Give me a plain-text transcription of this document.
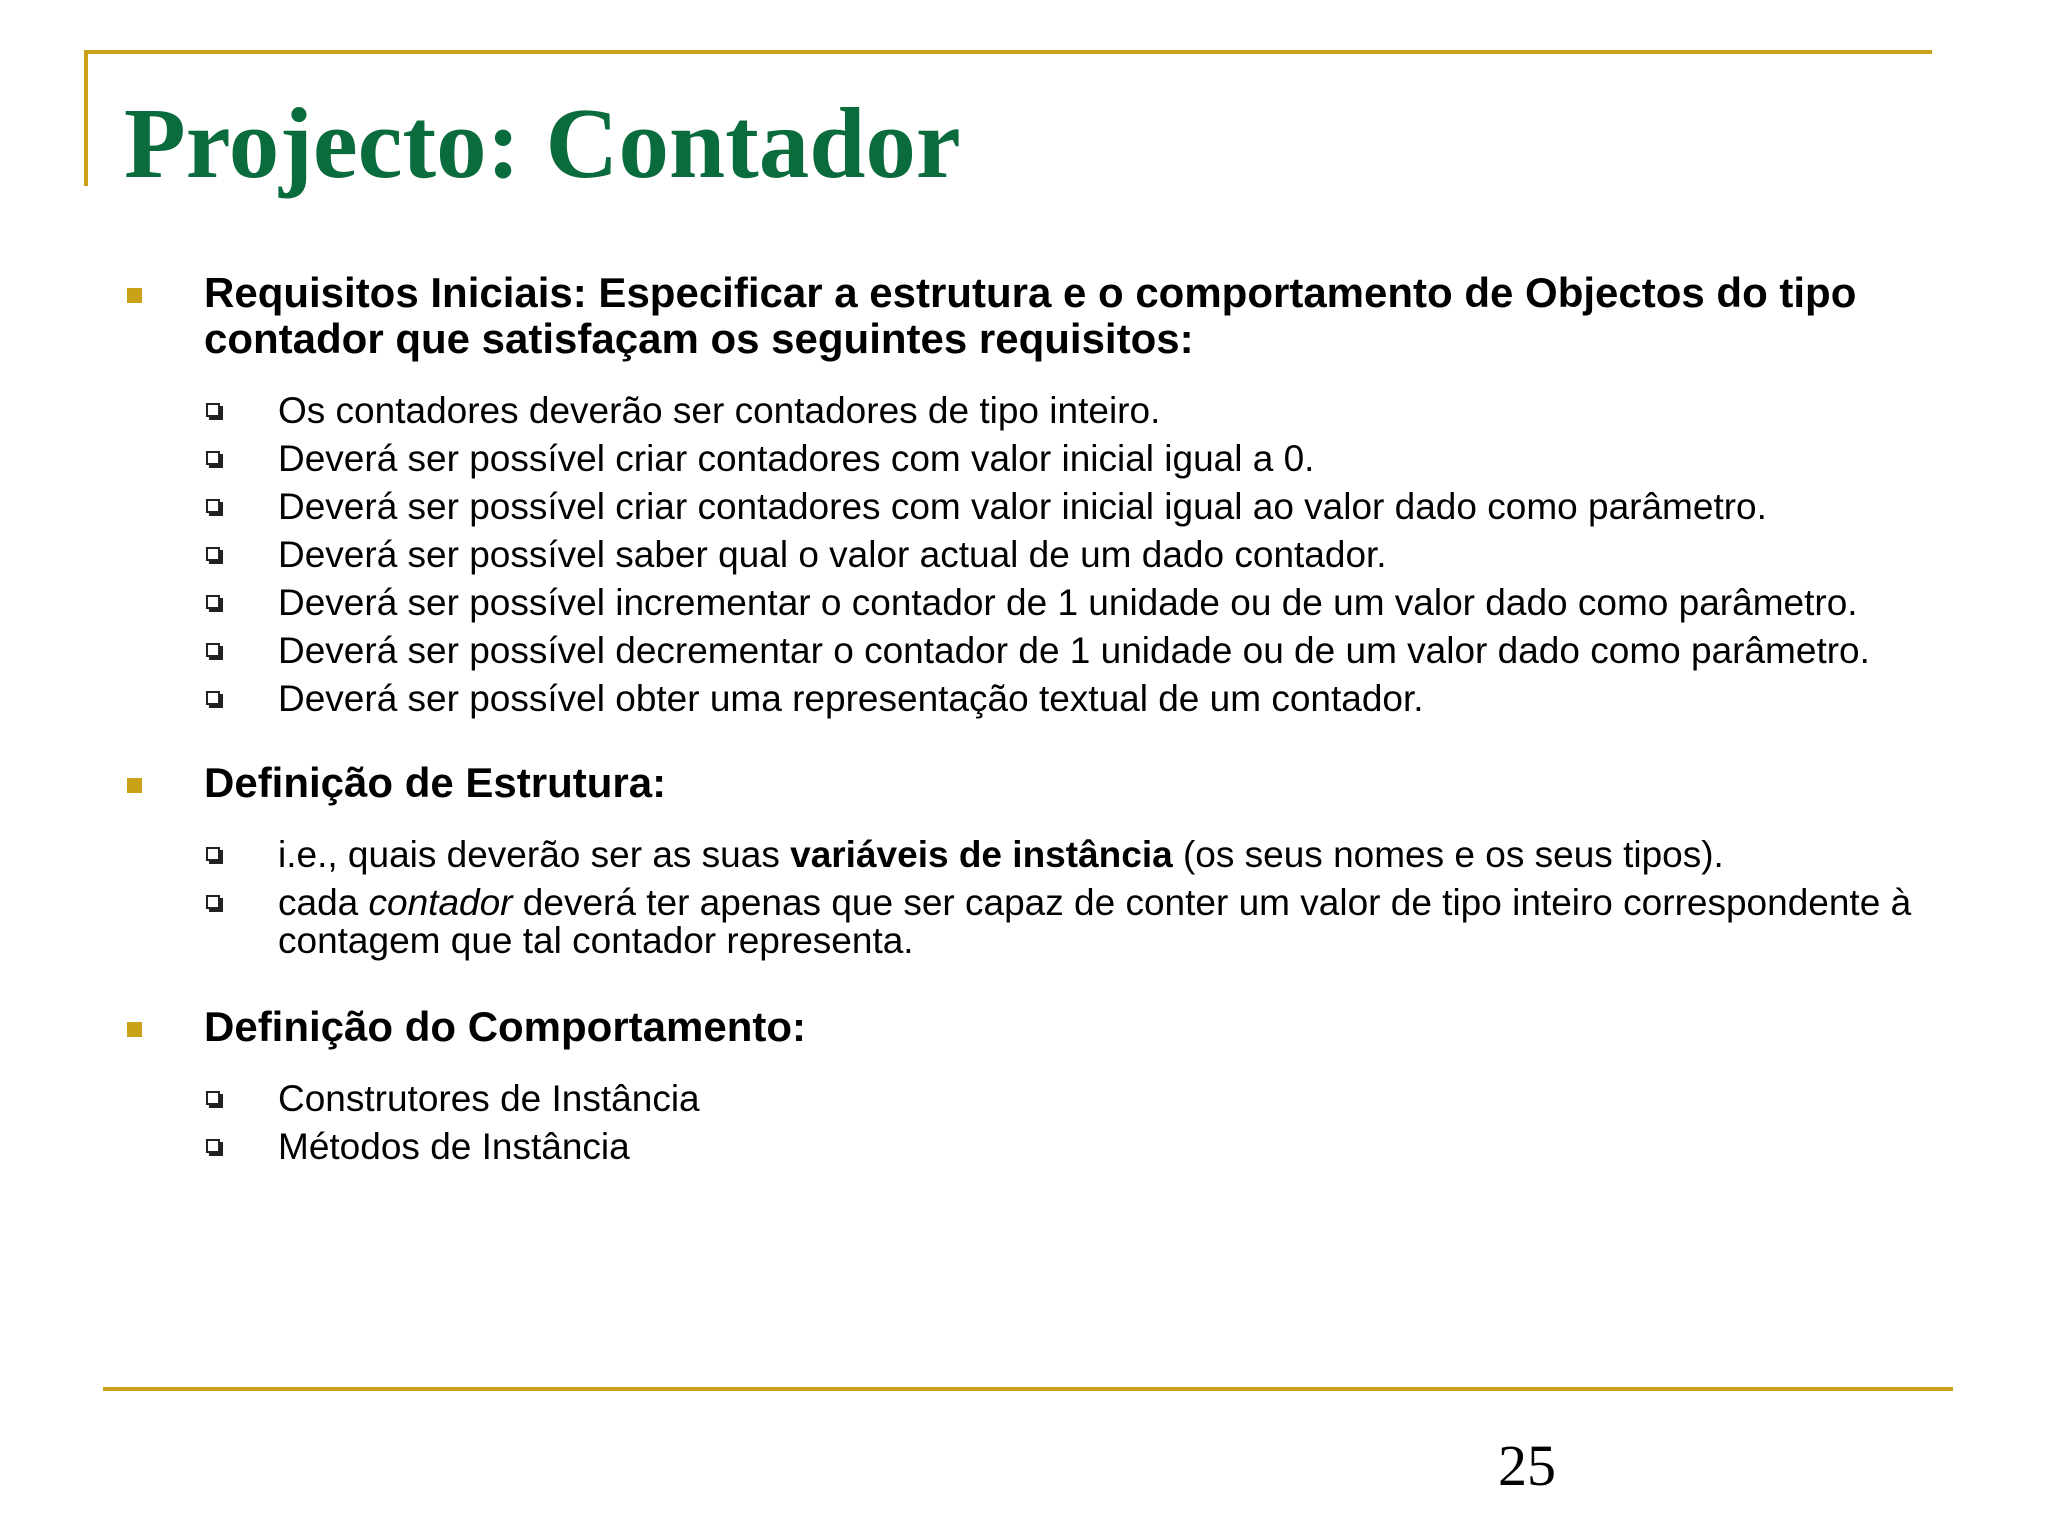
Projecto: Contador
Requisitos Iniciais: Especificar a estrutura e o comportamento de Objectos do tipo contador que satisfaçam os seguintes requisitos:
Os contadores deverão ser contadores de tipo inteiro.
Deverá ser possível criar contadores com valor inicial igual a 0.
Deverá ser possível criar contadores com valor inicial igual ao valor dado como parâmetro.
Deverá ser possível saber qual o valor actual de um dado contador.
Deverá ser possível incrementar o contador de 1 unidade ou de um valor dado como parâmetro.
Deverá ser possível decrementar o contador de 1 unidade ou de um valor dado como parâmetro.
Deverá ser possível obter uma representação textual de um contador.
Definição de Estrutura:
i.e., quais deverão ser as suas variáveis de instância (os seus nomes e os seus tipos).
cada contador deverá ter apenas que ser capaz de conter um valor de tipo inteiro correspondente à contagem que tal contador representa.
Definição do Comportamento:
Construtores de Instância
Métodos de Instância
25
